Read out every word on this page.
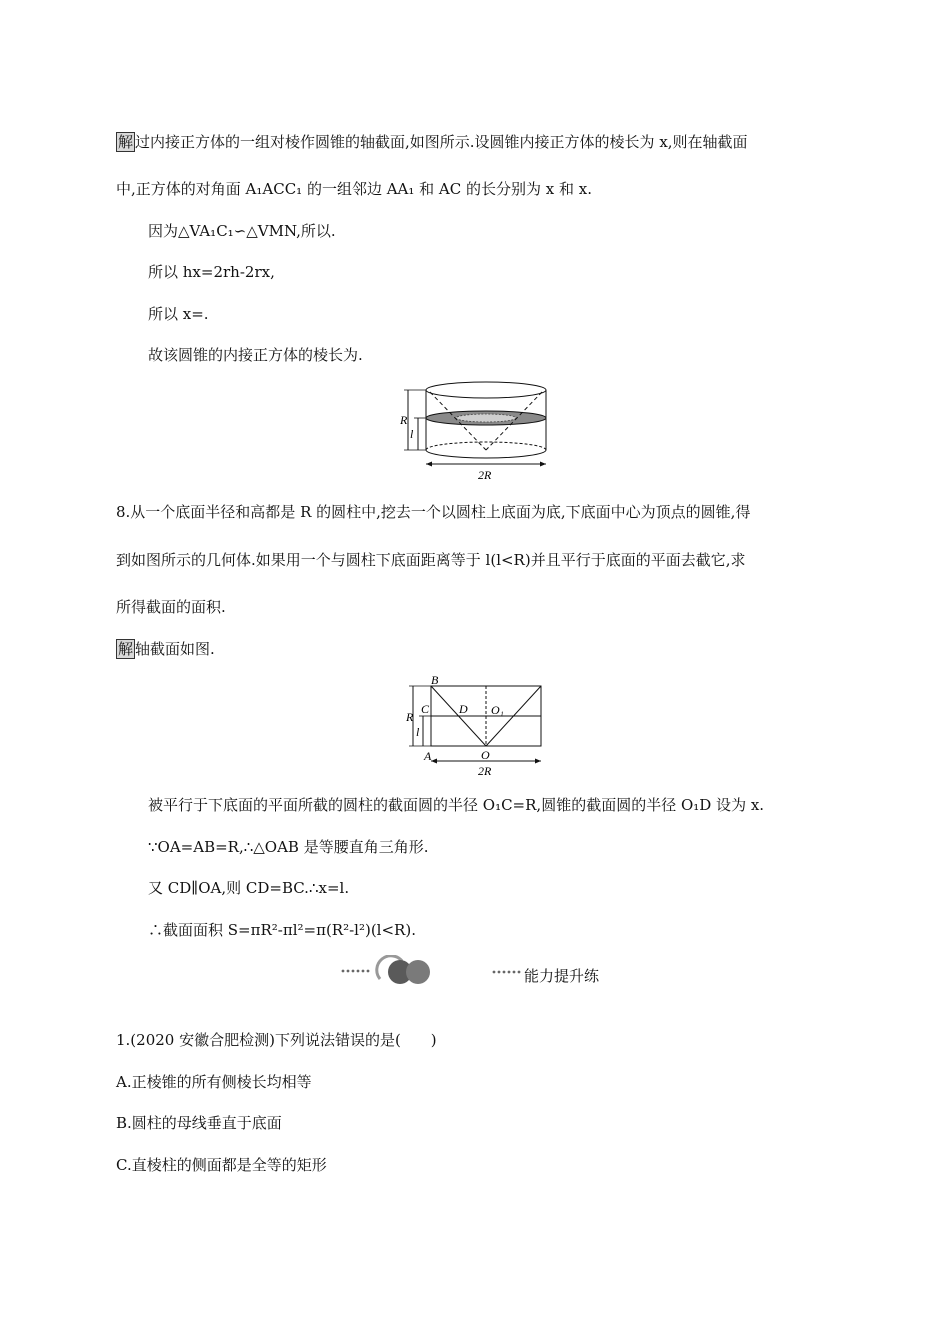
解 过内接正方体的一组对棱作圆锥的轴截面,如图所示.设圆锥内接正方体的棱长为 x,则在轴截面
中,正方体的对角面 A₁ACC₁ 的一组邻边 AA₁ 和 AC 的长分别为 x 和 x.
因为△VA₁C₁∽△VMN,所以.
所以 hx=2rh-2rx,
所以 x=.
故该圆锥的内接正方体的棱长为.
R
l
2R
8.从一个底面半径和高都是 R 的圆柱中,挖去一个以圆柱上底面为底,下底面中心为顶点的圆锥,得
到如图所示的几何体.如果用一个与圆柱下底面距离等于 l(l<R)并且平行于底面的平面去截它,求
所得截面的面积.
解 轴截面如图.
B
C D O₁
R
l
A	O
2R
被平行于下底面的平面所截的圆柱的截面圆的半径 O₁C=R,圆锥的截面圆的半径 O₁D 设为 x.
∵OA=AB=R,∴△OAB 是等腰直角三角形.
又 CD∥OA,则 CD=BC.∴x=l.
∴截面面积 S=πR²-πl²=π(R²-l²)(l<R).
能力提升练
1.(2020 安徽合肥检测)下列说法错误的是(　　)
A.正棱锥的所有侧棱长均相等
B.圆柱的母线垂直于底面
C.直棱柱的侧面都是全等的矩形
